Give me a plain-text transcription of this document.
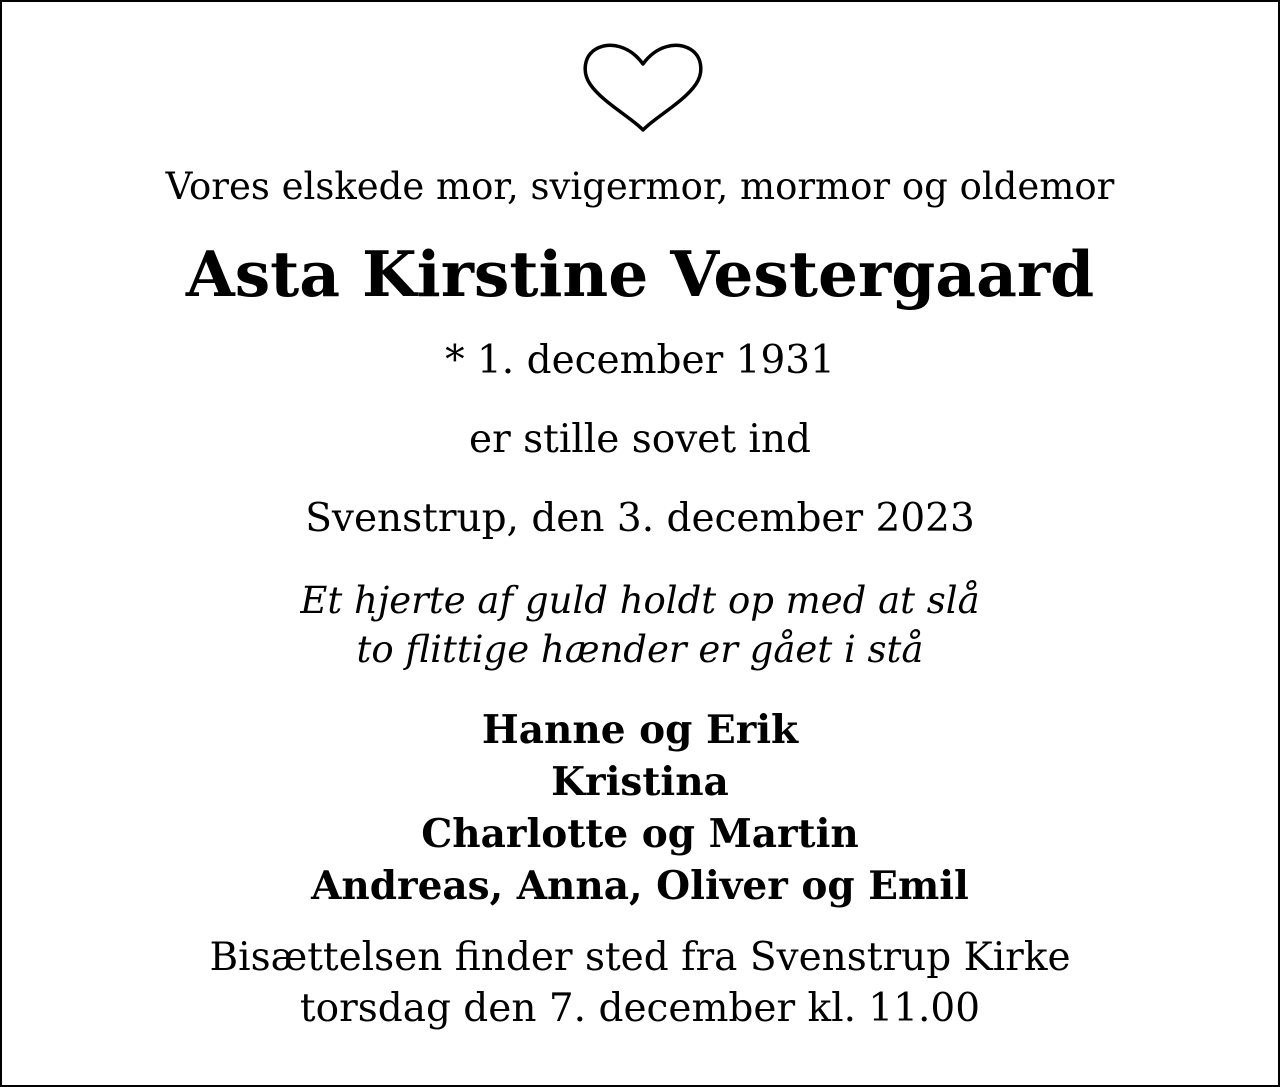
Vores elskede mor, svigermor, mormor og oldemor
Asta Kirstine Vestergaard
* 1. december 1931
er stille sovet ind
Svenstrup, den 3. december 2023
Et hjerte af guld holdt op med at slå
to flittige hænder er gået i stå
Hanne og Erik
Kristina
Charlotte og Martin
Andreas, Anna, Oliver og Emil
Bisættelsen finder sted fra Svenstrup Kirke
torsdag den 7. december kl. 11.00
